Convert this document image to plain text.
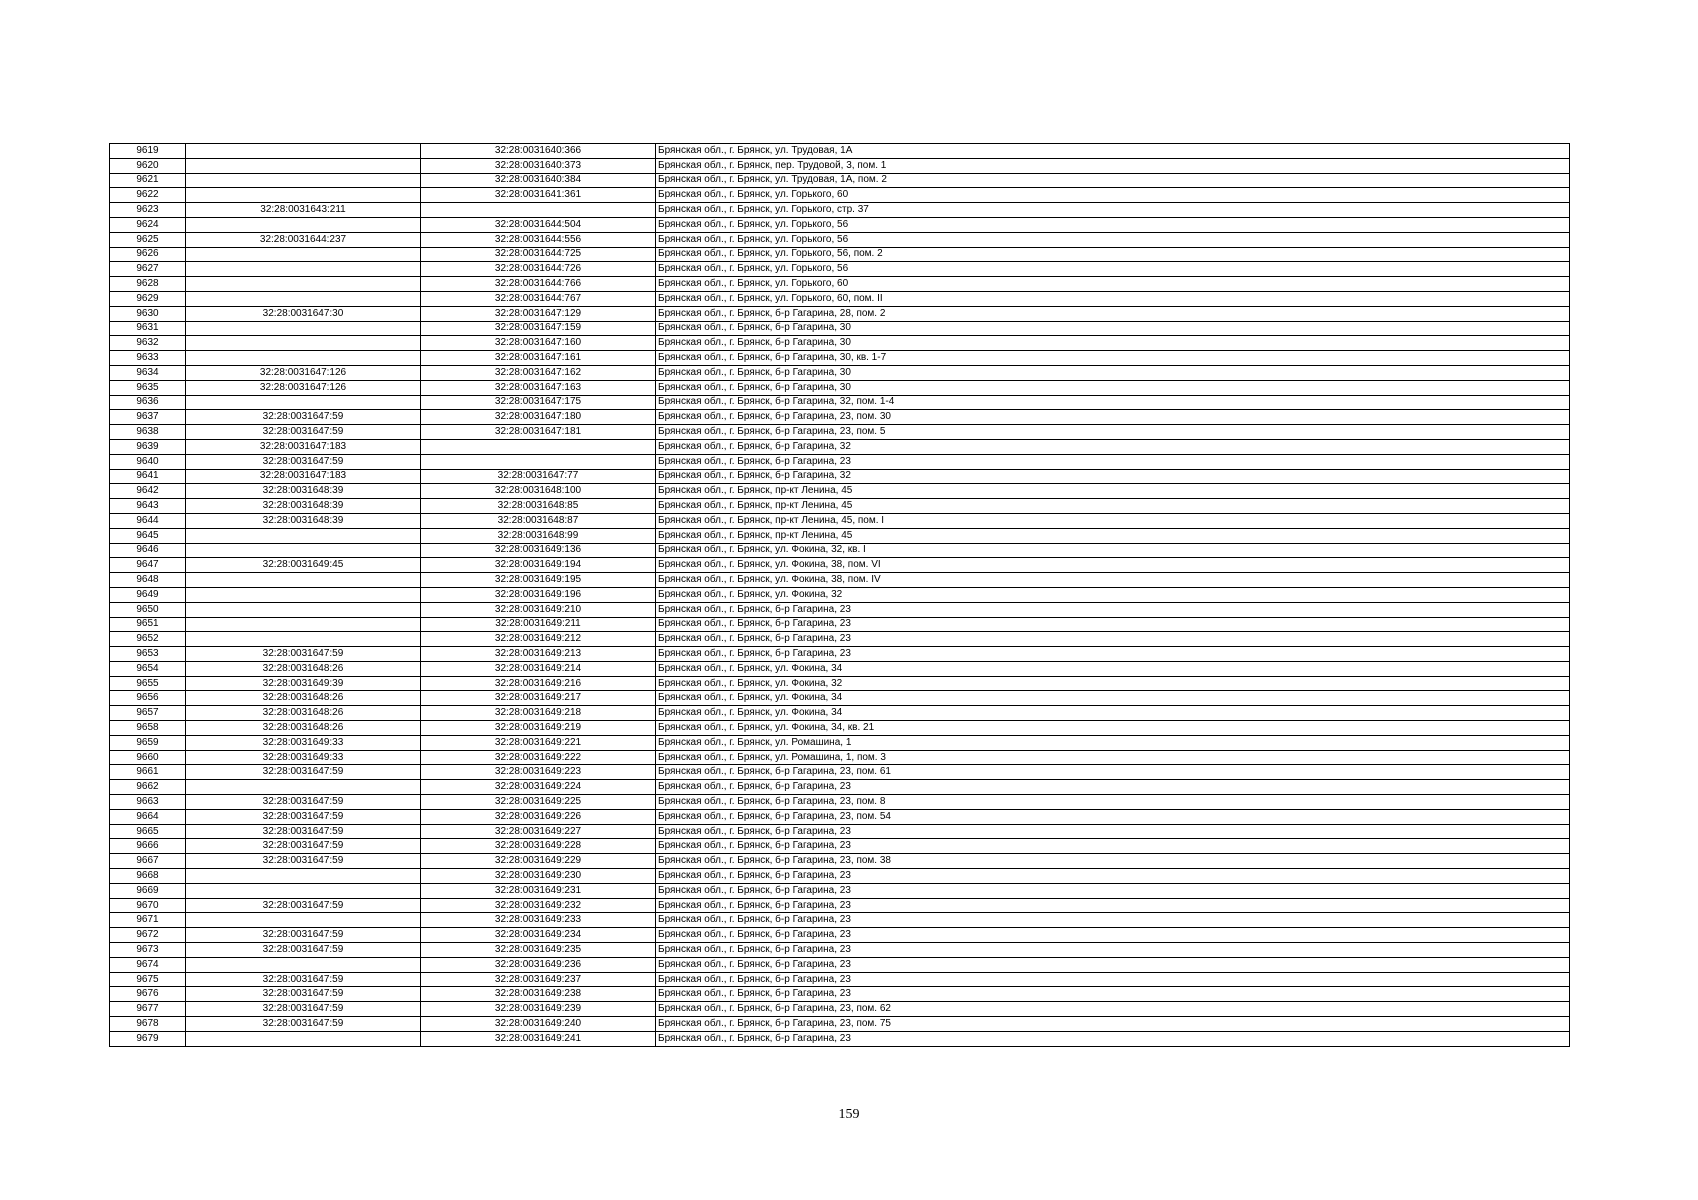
9619		32:28:0031640:366	Брянская обл., г. Брянск, ул. Трудовая, 1А
9620		32:28:0031640:373	Брянская обл., г. Брянск, пер. Трудовой, 3, пом. 1
9621		32:28:0031640:384	Брянская обл., г. Брянск, ул. Трудовая, 1А, пом. 2
9622		32:28:0031641:361	Брянская обл., г. Брянск, ул. Горького, 60
9623	32:28:0031643:211		Брянская обл., г. Брянск, ул. Горького, стр. 37
9624		32:28:0031644:504	Брянская обл., г. Брянск, ул. Горького, 56
9625	32:28:0031644:237	32:28:0031644:556	Брянская обл., г. Брянск, ул. Горького, 56
9626		32:28:0031644:725	Брянская обл., г. Брянск, ул. Горького, 56, пом. 2
9627		32:28:0031644:726	Брянская обл., г. Брянск, ул. Горького, 56
9628		32:28:0031644:766	Брянская обл., г. Брянск, ул. Горького, 60
9629		32:28:0031644:767	Брянская обл., г. Брянск, ул. Горького, 60, пом. II
9630	32:28:0031647:30	32:28:0031647:129	Брянская обл., г. Брянск, б-р Гагарина, 28, пом. 2
9631		32:28:0031647:159	Брянская обл., г. Брянск, б-р Гагарина, 30
9632		32:28:0031647:160	Брянская обл., г. Брянск, б-р Гагарина, 30
9633		32:28:0031647:161	Брянская обл., г. Брянск, б-р Гагарина, 30, кв. 1-7
9634	32:28:0031647:126	32:28:0031647:162	Брянская обл., г. Брянск, б-р Гагарина, 30
9635	32:28:0031647:126	32:28:0031647:163	Брянская обл., г. Брянск, б-р Гагарина, 30
9636		32:28:0031647:175	Брянская обл., г. Брянск, б-р Гагарина, 32, пом. 1-4
9637	32:28:0031647:59	32:28:0031647:180	Брянская обл., г. Брянск, б-р Гагарина, 23, пом. 30
9638	32:28:0031647:59	32:28:0031647:181	Брянская обл., г. Брянск, б-р Гагарина, 23, пом. 5
9639	32:28:0031647:183		Брянская обл., г. Брянск, б-р Гагарина, 32
9640	32:28:0031647:59		Брянская обл., г. Брянск, б-р Гагарина, 23
9641	32:28:0031647:183	32:28:0031647:77	Брянская обл., г. Брянск, б-р Гагарина, 32
9642	32:28:0031648:39	32:28:0031648:100	Брянская обл., г. Брянск, пр-кт Ленина, 45
9643	32:28:0031648:39	32:28:0031648:85	Брянская обл., г. Брянск, пр-кт Ленина, 45
9644	32:28:0031648:39	32:28:0031648:87	Брянская обл., г. Брянск, пр-кт Ленина, 45, пом. I
9645		32:28:0031648:99	Брянская обл., г. Брянск, пр-кт Ленина, 45
9646		32:28:0031649:136	Брянская обл., г. Брянск, ул. Фокина, 32, кв. I
9647	32:28:0031649:45	32:28:0031649:194	Брянская обл., г. Брянск, ул. Фокина, 38, пом. VI
9648		32:28:0031649:195	Брянская обл., г. Брянск, ул. Фокина, 38, пом. IV
9649		32:28:0031649:196	Брянская обл., г. Брянск, ул. Фокина, 32
9650		32:28:0031649:210	Брянская обл., г. Брянск, б-р Гагарина, 23
9651		32:28:0031649:211	Брянская обл., г. Брянск, б-р Гагарина, 23
9652		32:28:0031649:212	Брянская обл., г. Брянск, б-р Гагарина, 23
9653	32:28:0031647:59	32:28:0031649:213	Брянская обл., г. Брянск, б-р Гагарина, 23
9654	32:28:0031648:26	32:28:0031649:214	Брянская обл., г. Брянск, ул. Фокина, 34
9655	32:28:0031649:39	32:28:0031649:216	Брянская обл., г. Брянск, ул. Фокина, 32
9656	32:28:0031648:26	32:28:0031649:217	Брянская обл., г. Брянск, ул. Фокина, 34
9657	32:28:0031648:26	32:28:0031649:218	Брянская обл., г. Брянск, ул. Фокина, 34
9658	32:28:0031648:26	32:28:0031649:219	Брянская обл., г. Брянск, ул. Фокина, 34, кв. 21
9659	32:28:0031649:33	32:28:0031649:221	Брянская обл., г. Брянск, ул. Ромашина, 1
9660	32:28:0031649:33	32:28:0031649:222	Брянская обл., г. Брянск, ул. Ромашина, 1, пом. 3
9661	32:28:0031647:59	32:28:0031649:223	Брянская обл., г. Брянск, б-р Гагарина, 23, пом. 61
9662		32:28:0031649:224	Брянская обл., г. Брянск, б-р Гагарина, 23
9663	32:28:0031647:59	32:28:0031649:225	Брянская обл., г. Брянск, б-р Гагарина, 23, пом. 8
9664	32:28:0031647:59	32:28:0031649:226	Брянская обл., г. Брянск, б-р Гагарина, 23, пом. 54
9665	32:28:0031647:59	32:28:0031649:227	Брянская обл., г. Брянск, б-р Гагарина, 23
9666	32:28:0031647:59	32:28:0031649:228	Брянская обл., г. Брянск, б-р Гагарина, 23
9667	32:28:0031647:59	32:28:0031649:229	Брянская обл., г. Брянск, б-р Гагарина, 23, пом. 38
9668		32:28:0031649:230	Брянская обл., г. Брянск, б-р Гагарина, 23
9669		32:28:0031649:231	Брянская обл., г. Брянск, б-р Гагарина, 23
9670	32:28:0031647:59	32:28:0031649:232	Брянская обл., г. Брянск, б-р Гагарина, 23
9671		32:28:0031649:233	Брянская обл., г. Брянск, б-р Гагарина, 23
9672	32:28:0031647:59	32:28:0031649:234	Брянская обл., г. Брянск, б-р Гагарина, 23
9673	32:28:0031647:59	32:28:0031649:235	Брянская обл., г. Брянск, б-р Гагарина, 23
9674		32:28:0031649:236	Брянская обл., г. Брянск, б-р Гагарина, 23
9675	32:28:0031647:59	32:28:0031649:237	Брянская обл., г. Брянск, б-р Гагарина, 23
9676	32:28:0031647:59	32:28:0031649:238	Брянская обл., г. Брянск, б-р Гагарина, 23
9677	32:28:0031647:59	32:28:0031649:239	Брянская обл., г. Брянск, б-р Гагарина, 23, пом. 62
9678	32:28:0031647:59	32:28:0031649:240	Брянская обл., г. Брянск, б-р Гагарина, 23, пом. 75
9679		32:28:0031649:241	Брянская обл., г. Брянск, б-р Гагарина, 23
159
